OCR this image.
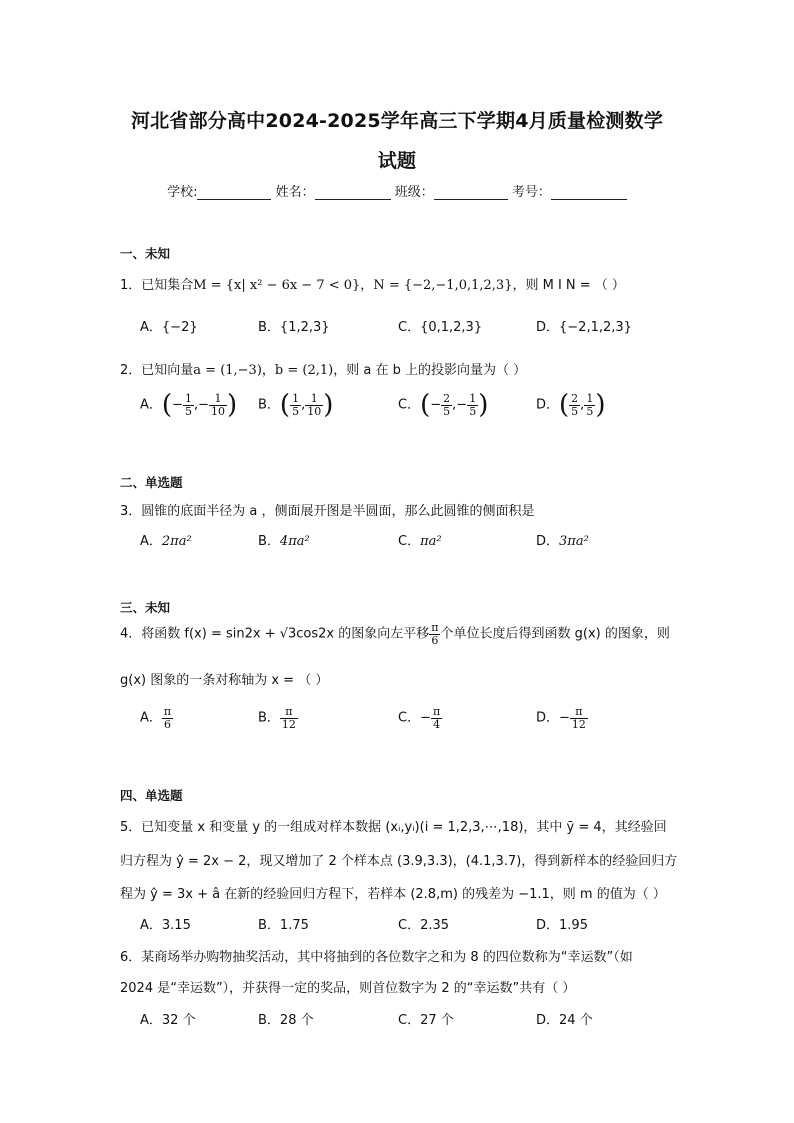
河北省部分高中2024-2025学年高三下学期4月质量检测数学
试题
学校:	姓名：	班级：	考号：
一、未知
1．已知集合M = {x| x² − 6x − 7 < 0}，N = {−2,−1,0,1,2,3}，则 M I N = （ ）
A．{−2}	B．{1,2,3}	C．{0,1,2,3}	D．{−2,1,2,3}
2．已知向量a = (1,−3)，b = (2,1)，则 a 在 b 上的投影向量为（ ）
A．(− $\frac{1}{5}$ ,− $\frac{1}{10}$ ) B．( $\frac{1}{5}$ , $\frac{1}{10}$ )	C．(− $\frac{2}{5}$ ,− $\frac{1}{5}$ )	D．( $\frac{2}{5}$ , $\frac{1}{5}$ )
二、单选题
3．圆锥的底面半径为 a ，侧面展开图是半圆面，那么此圆锥的侧面积是
A．2πa²	B．4πa²	C．πa²	D．3πa²
三、未知
4．将函数 f(x) = sin2x + √3cos2x 的图象向左平移 $\frac{\pi}{6}$ 个单位长度后得到函数 g(x) 的图象，则
g(x) 图象的一条对称轴为 x = （ ）
A． $\frac{\pi}{6}$	B． $\frac{\pi}{12}$	C．− $\frac{\pi}{4}$	D．− $\frac{\pi}{12}$
四、单选题
5．已知变量 x 和变量 y 的一组成对样本数据 (xᵢ,yᵢ)(i = 1,2,3,⋯,18)，其中 ȳ = 4，其经验回
归方程为 ŷ = 2x − 2，现又增加了 2 个样本点 (3.9,3.3)，(4.1,3.7)，得到新样本的经验回归方
程为 ŷ = 3x + â 在新的经验回归方程下，若样本 (2.8,m) 的残差为 −1.1，则 m 的值为（ ）
A．3.15	B．1.75	C．2.35	D．1.95
6．某商场举办购物抽奖活动，其中将抽到的各位数字之和为 8 的四位数称为“幸运数”（如
2024 是“幸运数”），并获得一定的奖品，则首位数字为 2 的“幸运数”共有（ ）
A．32 个	B．28 个	C．27 个	D．24 个
